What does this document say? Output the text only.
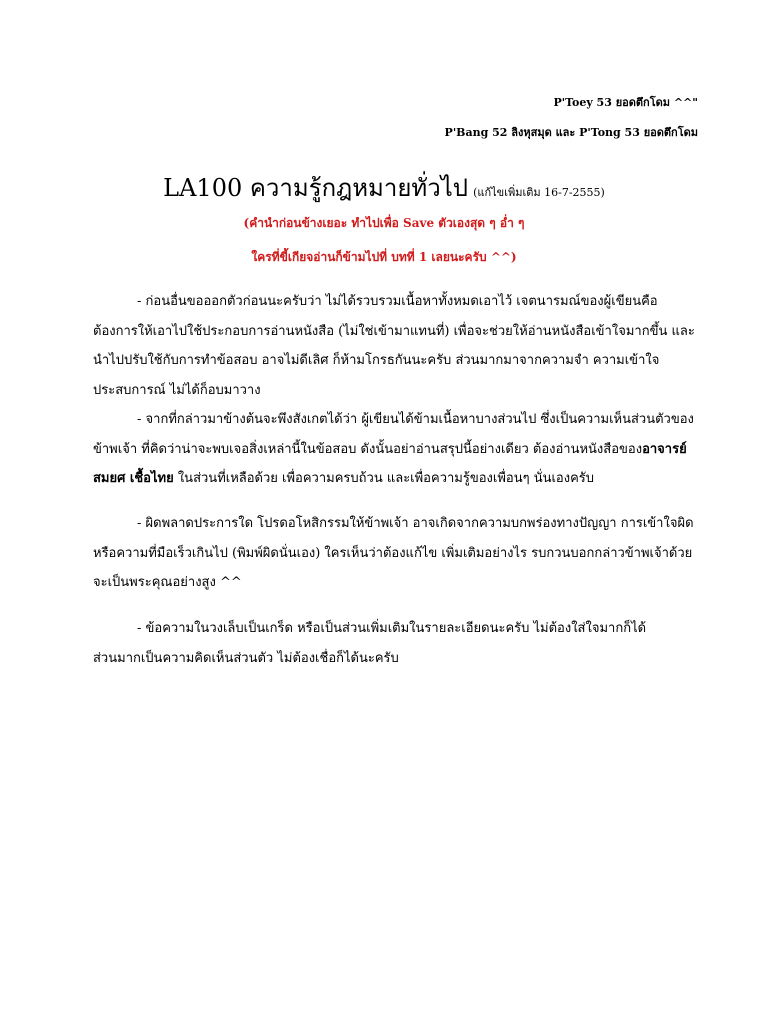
P'Toey 53 ยอดตึกโดม ^^"
P'Bang 52 ลิงหุสมุด และ P'Tong 53 ยอดตึกโดม
LA100 ความรู้กฎหมายทั่วไป (แก้ไขเพิ่มเติม 16-7-2555)
(คำนำก่อนข้างเยอะ ทำไปเพื่อ Save ตัวเองสุด ๆ อ่ำ ๆ
ใครที่ขี้เกียจอ่านก็ข้ามไปที่ บทที่ 1 เลยนะครับ ^^)
- ก่อนอื่นขอออกตัวก่อนนะครับว่า ไม่ได้รวบรวมเนื้อหาทั้งหมดเอาไว้ เจตนารมณ์ของผู้เขียนคือ
ต้องการให้เอาไปใช้ประกอบการอ่านหนังสือ (ไม่ใช่เข้ามาแทนที่) เพื่อจะช่วยให้อ่านหนังสือเข้าใจมากขึ้น และ
นำไปปรับใช้กับการทำข้อสอบ อาจไม่ดีเลิศ ก็ห้ามโกรธกันนะครับ ส่วนมากมาจากความจำ ความเข้าใจ
ประสบการณ์ ไม่ได้ก็อบมาวาง
- จากที่กล่าวมาข้างต้นจะพึงสังเกตได้ว่า ผู้เขียนได้ข้ามเนื้อหาบางส่วนไป ซึ่งเป็นความเห็นส่วนตัวของ
ข้าพเจ้า ที่คิดว่าน่าจะพบเจอสิ่งเหล่านี้ในข้อสอบ ดังนั้นอย่าอ่านสรุปนี้อย่างเดียว ต้องอ่านหนังสือของอาจารย์
สมยศ เชื้อไทย ในส่วนที่เหลือด้วย เพื่อความครบถ้วน และเพื่อความรู้ของเพื่อนๆ นั่นเองครับ
- ผิดพลาดประการใด โปรดอโหสิกรรมให้ข้าพเจ้า อาจเกิดจากความบกพร่องทางปัญญา การเข้าใจผิด
หรือความที่มือเร็วเกินไป (พิมพ์ผิดนั่นเอง) ใครเห็นว่าต้องแก้ไข เพิ่มเติมอย่างไร รบกวนบอกกล่าวข้าพเจ้าด้วย
จะเป็นพระคุณอย่างสูง ^^
- ข้อความในวงเล็บเป็นเกร็ด หรือเป็นส่วนเพิ่มเติมในรายละเอียดนะครับ ไม่ต้องใส่ใจมากก็ได้
ส่วนมากเป็นความคิดเห็นส่วนตัว ไม่ต้องเชื่อก็ได้นะครับ
